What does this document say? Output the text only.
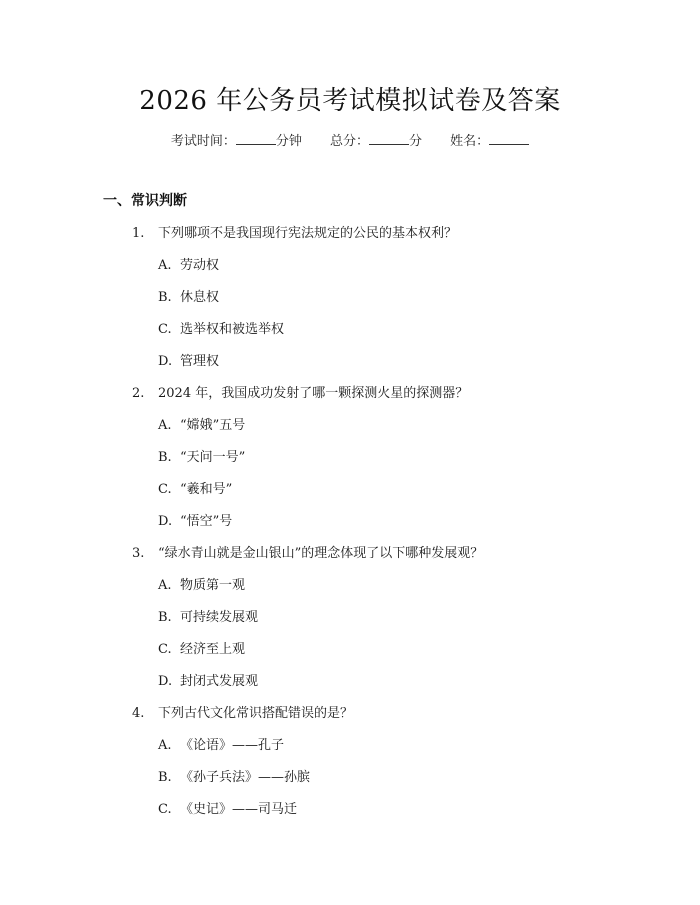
2026 年公务员考试模拟试卷及答案
考试时间：	分钟 总分：	分 姓名：
一、常识判断
1. 下列哪项不是我国现行宪法规定的公民的基本权利？
A. 劳动权
B. 休息权
C. 选举权和被选举权
D. 管理权
2. 2024 年，我国成功发射了哪一颗探测火星的探测器？
A. “嫦娥”五号
B. “天问一号”
C. “羲和号”
D. “悟空”号
3. “绿水青山就是金山银山”的理念体现了以下哪种发展观？
A. 物质第一观
B. 可持续发展观
C. 经济至上观
D. 封闭式发展观
4. 下列古代文化常识搭配错误的是？
A. 《论语》——孔子
B. 《孙子兵法》——孙膑
C. 《史记》——司马迁
